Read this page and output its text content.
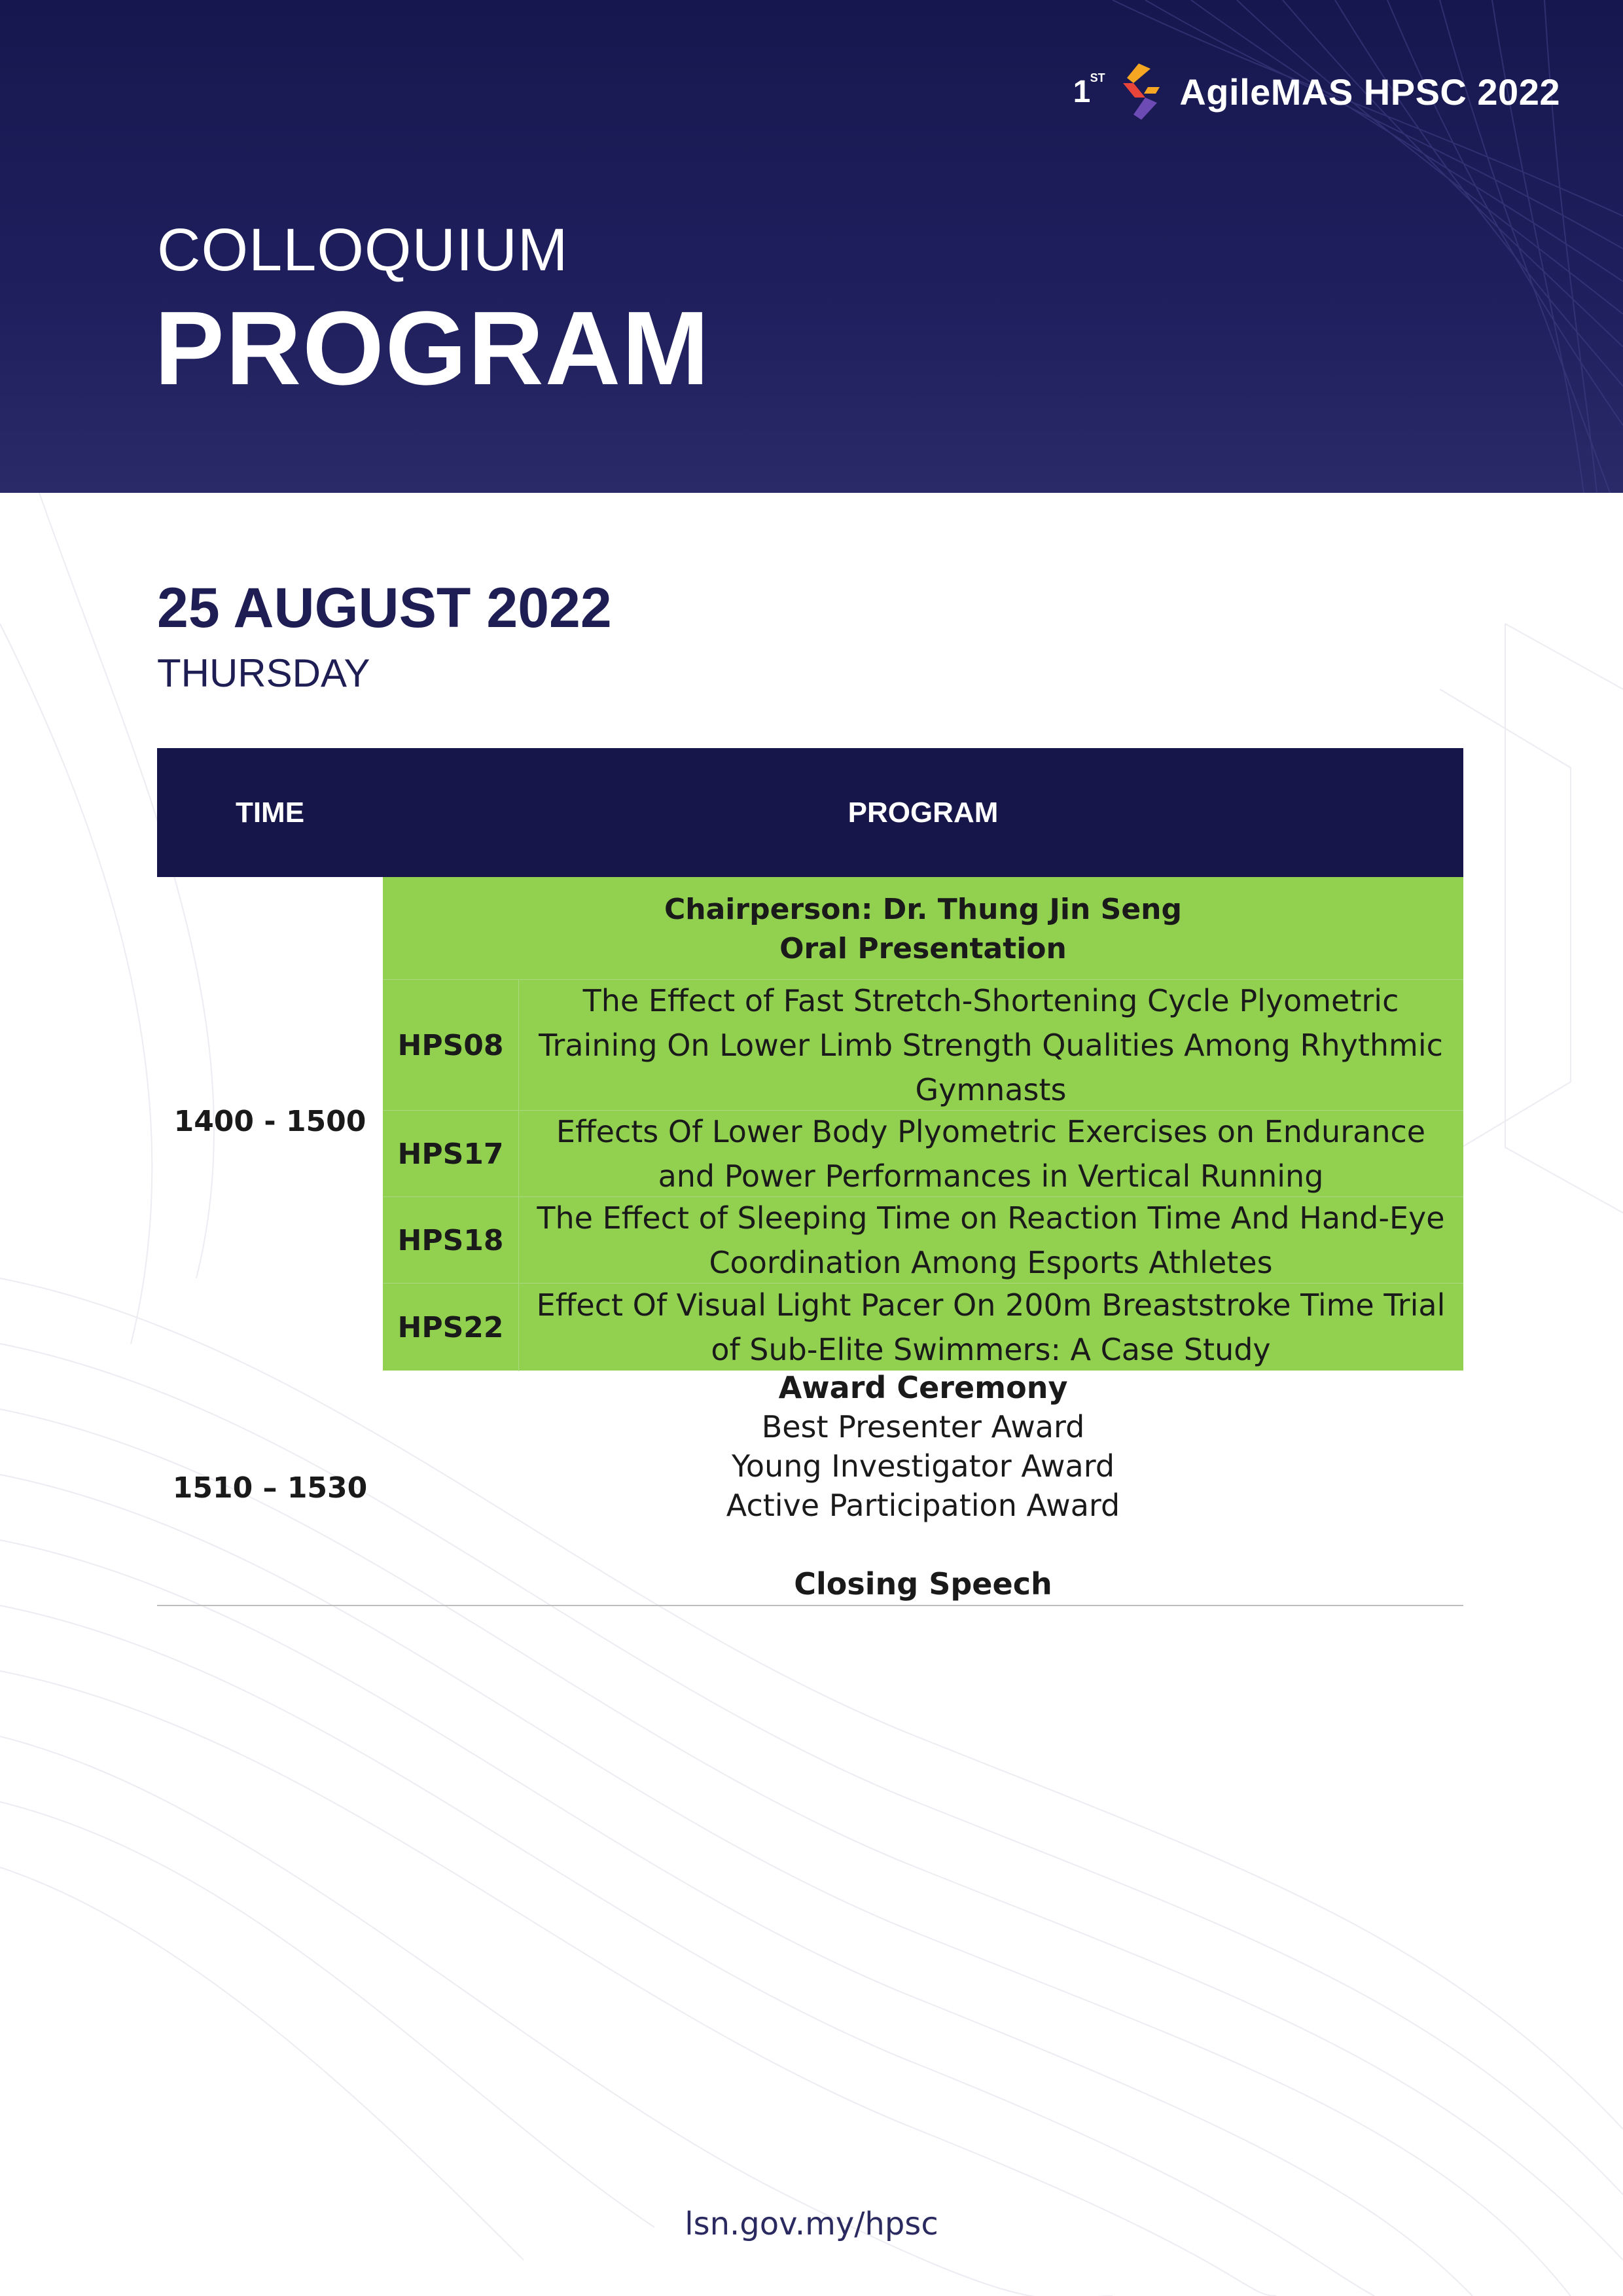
1 ST AgileMAS HPSC 2022
COLLOQUIUM
PROGRAM
25 AUGUST 2022
THURSDAY
TIME	PROGRAM
1400 - 1500
Chairperson: Dr. Thung Jin Seng
Oral Presentation
HPS08
The Effect of Fast Stretch-Shortening Cycle Plyometric Training On Lower Limb Strength Qualities Among Rhythmic Gymnasts
HPS17
Effects Of Lower Body Plyometric Exercises on Endurance and Power Performances in Vertical Running
HPS18
The Effect of Sleeping Time on Reaction Time And Hand-Eye Coordination Among Esports Athletes
HPS22
Effect Of Visual Light Pacer On 200m Breaststroke Time Trial of Sub-Elite Swimmers: A Case Study
1510 – 1530
Award Ceremony
Best Presenter Award
Young Investigator Award
Active Participation Award
Closing Speech
lsn.gov.my/hpsc
